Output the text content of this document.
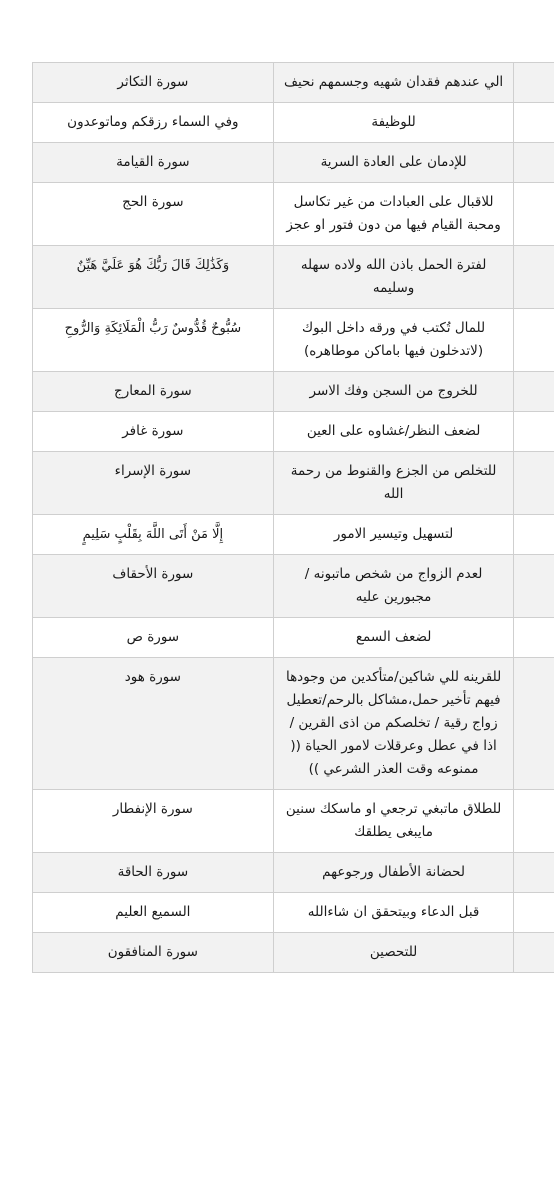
سورة التكاثر	الي عندهم فقدان شهيه وجسمهم نحيف	
وفي السماء رزقكم وماتوعدون	للوظيفة	
سورة القيامة	للإدمان على العادة السرية	
سورة الحج	للاقبال على العبادات من غير تكاسل ومحبة القيام فيها من دون فتور او عجز	
وَكَذَٰلِكَ قَالَ رَبُّكَ هُوَ عَلَيَّ هَيِّنٌ	لفترة الحمل باذن الله ولاده سهله وسليمه	
سُبُّوحٌ قُدُّوسٌ رَبُّ الْمَلَائِكَةِ وَالرُّوحِ	للمال تُكتب في ورقه داخل البوك (لاتدخلون فيها باماكن موطاهره)	
سورة المعارج	للخروج من السجن وفك الاسر	
سورة غافر	لضعف النظر/غشاوه على العين	
سورة الإسراء	للتخلص من الجزع والقنوط من رحمة الله	
إِلَّا مَنْ أَتَى اللَّهَ بِقَلْبٍ سَلِيمٍ	لتسهيل وتيسير الامور	
سورة الأحقاف	لعدم الزواج من شخص ماتبونه / مجبورين عليه	
سورة ص	لضعف السمع	
سورة هود	للقرينه للي شاكين/متأكدين من وجودها فيهم تأخير حمل،مشاكل بالرحم/تعطيل زواج رقية / تخلصكم من اذى القرين / اذا في عطل وعرقلات لامور الحياة (( ممنوعه وقت العذر الشرعي ))	
سورة الإنفطار	للطلاق ماتبغي ترجعي او ماسكك سنين مايبغى يطلقك	
سورة الحاقة	لحضانة الأطفال ورجوعهم	
السميع العليم	قبل الدعاء وبيتحقق ان شاءالله	
سورة المنافقون	للتحصين	
